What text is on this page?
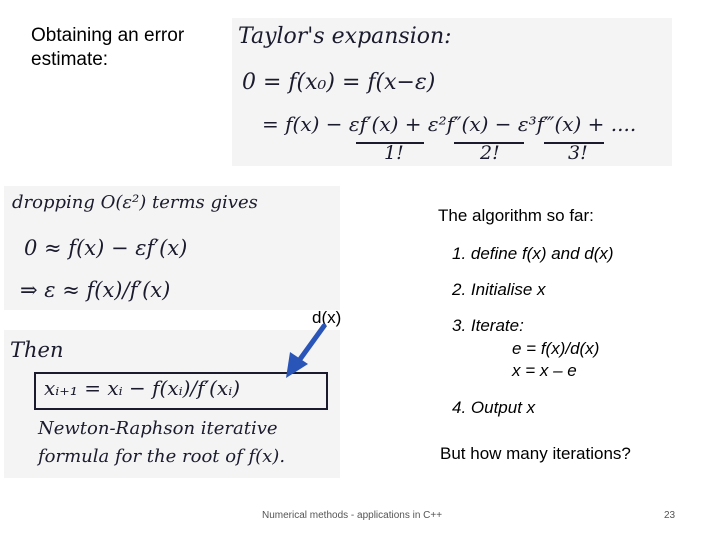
Obtaining an error estimate:
Taylor's expansion:
0 = f(x₀) = f(x−ε)
= f(x) − εf′(x) + ε²f″(x) − ε³f‴(x) + ....
1!	2!	3!
dropping O(ε²) terms gives
0 ≈ f(x) − εf′(x)
⇒ ε ≈ f(x)/f′(x)
Then
xᵢ₊₁ = xᵢ − f(xᵢ)/f′(xᵢ)
Newton-Raphson iterative
formula for the root of f(x).
d(x)
The algorithm so far:
1. define f(x) and d(x)
2. Initialise x
3. Iterate:
e = f(x)/d(x)
x = x – e
4. Output x
But how many iterations?
Numerical methods - applications in C++	23
